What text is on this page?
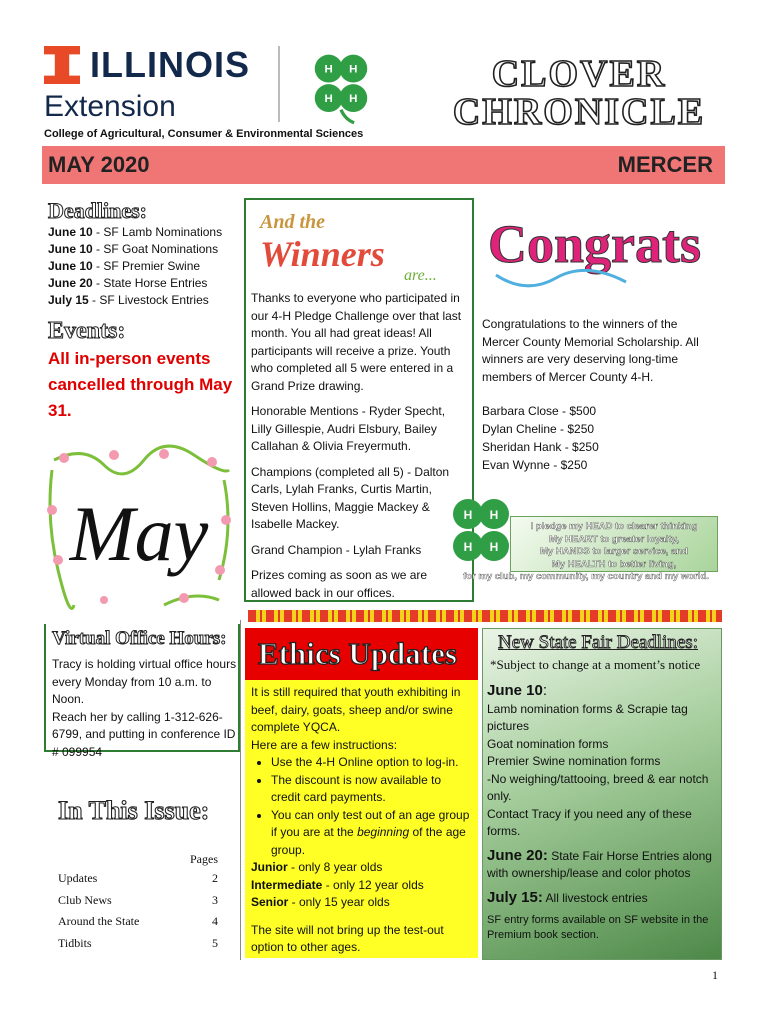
ILLINOIS
Extension
College of Agricultural, Consumer & Environmental Sciences
H H
H H
CLOVER
CHRONICLE
MAY 2020	MERCER
Deadlines:
June 10 - SF Lamb Nominations
June 10 - SF Goat Nominations
June 10 - SF Premier Swine
June 20 - State Horse Entries
July 15 - SF Livestock Entries
Events:
All in-person events cancelled through May 31.
May
Virtual Office Hours:
Tracy is holding virtual office hours every Monday from 10 a.m. to Noon.
Reach her by calling 1-312-626-6799, and putting in conference ID # 099954
In This Issue:
Pages
Updates	2
Club News	3
Around the State	4
Tidbits	5
And the
Winners
are...

Thanks to everyone who participated in our 4-H Pledge Challenge over that last month. You all had great ideas! All participants will receive a prize. Youth who completed all 5 were entered in a Grand Prize drawing.

Honorable Mentions - Ryder Specht, Lilly Gillespie, Audri Elsbury, Bailey Callahan & Olivia Freyermuth.

Champions (completed all 5) - Dalton Carls, Lylah Franks, Curtis Martin, Steven Hollins, Maggie Mackey & Isabelle Mackey.

Grand Champion - Lylah Franks

Prizes coming as soon as we are allowed back in our offices.

Congrats
Congratulations to the winners of the Mercer County Memorial Scholarship. All winners are very deserving long-time members of Mercer County 4-H.
Barbara Close - $500
Dylan Cheline - $250
Sheridan Hank - $250
Evan Wynne - $250
H H
H H
I pledge my HEAD to clearer thinking
My HEART to greater loyalty,
My HANDS to larger service, and
My HEALTH to better living,
for my club, my community, my country and my world.
Ethics Updates
It is still required that youth exhibiting in beef, dairy, goats, sheep and/or swine complete YQCA.
Here are a few instructions:
• Use the 4-H Online option to log-in.
• The discount is now available to credit card payments.
• You can only test out of an age group if you are at the beginning of the age group.
Junior - only 8 year olds
Intermediate - only 12 year olds
Senior - only 15 year olds
The site will not bring up the test-out option to other ages.
New State Fair Deadlines:
*Subject to change at a moment’s notice
June 10:
Lamb nomination forms & Scrapie tag pictures
Goat nomination forms
Premier Swine nomination forms
-No weighing/tattooing, breed & ear notch only.
Contact Tracy if you need any of these forms.
June 20: State Fair Horse Entries along with ownership/lease and color photos
July 15: All livestock entries
SF entry forms available on SF website in the Premium book section.
1
